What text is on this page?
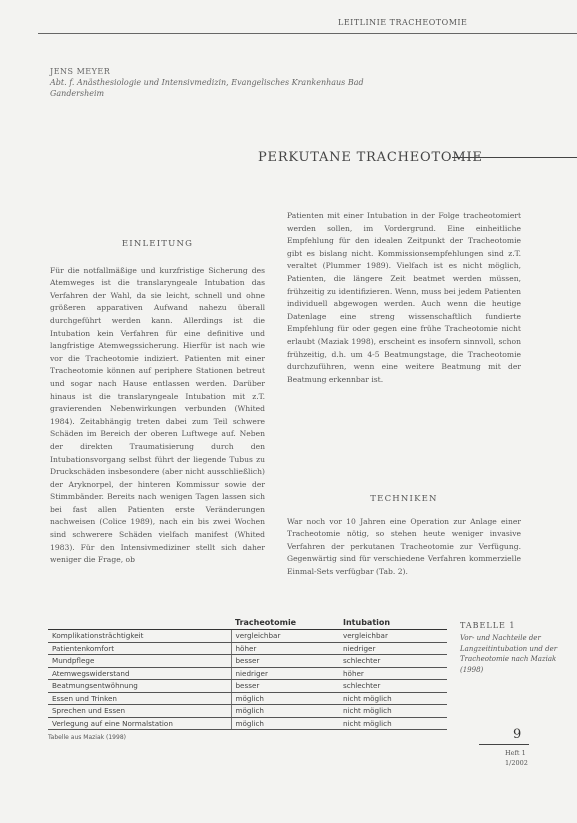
LEITLINIE TRACHEOTOMIE
JENS MEYER
Abt. f. Anästhesiologie und Intensivmedizin, Evangelisches Krankenhaus Bad Gandersheim
PERKUTANE TRACHEOTOMIE
EINLEITUNG
Für die notfallmäßige und kurzfristige Sicherung des Atemweges ist die translaryngeale Intubation das Verfahren der Wahl, da sie leicht, schnell und ohne größeren apparativen Aufwand nahezu überall durchgeführt werden kann. Allerdings ist die Intubation kein Verfahren für eine definitive und langfristige Atemwegssicherung. Hierfür ist nach wie vor die Tracheotomie indiziert. Patienten mit einer Tracheotomie können auf periphere Stationen betreut und sogar nach Hause entlassen werden. Darüber hinaus ist die translaryngeale Intubation mit z.T. gravierenden Nebenwirkungen verbunden (Whited 1984). Zeitabhängig treten dabei zum Teil schwere Schäden im Bereich der oberen Luftwege auf. Neben der direkten Traumatisierung durch den Intubationsvorgang selbst führt der liegende Tubus zu Druckschäden insbesondere (aber nicht ausschließlich) der Aryknorpel, der hinteren Kommissur sowie der Stimmbänder. Bereits nach wenigen Tagen lassen sich bei fast allen Patienten erste Veränderungen nachweisen (Colice 1989), nach ein bis zwei Wochen sind schwerere Schäden vielfach manifest (Whited 1983). Für den Intensivmediziner stellt sich daher weniger die Frage, ob
Patienten mit einer Intubation in der Folge tracheotomiert werden sollen, im Vordergrund. Eine einheitliche Empfehlung für den idealen Zeitpunkt der Tracheotomie gibt es bislang nicht. Kommissionsempfehlungen sind z.T. veraltet (Plummer 1989). Vielfach ist es nicht möglich, Patienten, die längere Zeit beatmet werden müssen, frühzeitig zu identifizieren. Wenn, muss bei jedem Patienten individuell abgewogen werden. Auch wenn die heutige Datenlage eine streng wissenschaftlich fundierte Empfehlung für oder gegen eine frühe Tracheotomie nicht erlaubt (Maziak 1998), erscheint es insofern sinnvoll, schon frühzeitig, d.h. um 4-5 Beatmungstage, die Tracheotomie durchzuführen, wenn eine weitere Beatmung mit der Beatmung erkennbar ist.
TECHNIKEN
War noch vor 10 Jahren eine Operation zur Anlage einer Tracheotomie nötig, so stehen heute weniger invasive Verfahren der perkutanen Tracheotomie zur Verfügung. Gegenwärtig sind für verschiedene Verfahren kommerzielle Einmal-Sets verfügbar (Tab. 2).
	Tracheotomie	Intubation
Komplikationsträchtigkeit	vergleichbar	vergleichbar
Patientenkomfort	höher	niedriger
Mundpflege	besser	schlechter
Atemwegswiderstand	niedriger	höher
Beatmungsentwöhnung	besser	schlechter
Essen und Trinken	möglich	nicht möglich
Sprechen und Essen	möglich	nicht möglich
Verlegung auf eine Normalstation	möglich	nicht möglich
Tabelle aus Maziak (1998)
TABELLE 1
Vor- und Nachteile der Langzeitintubation und der Tracheotomie nach Maziak (1998)
9
Heft 1
1/2002
